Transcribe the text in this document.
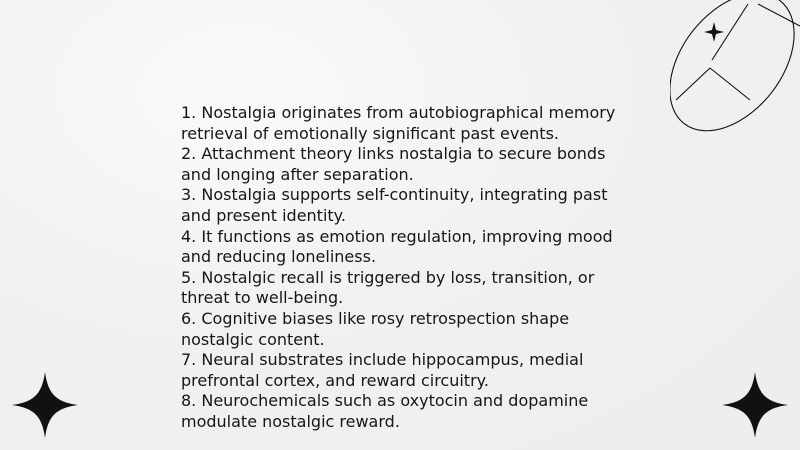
1. Nostalgia originates from autobiographical memory retrieval of emotionally significant past events.

2. Attachment theory links nostalgia to secure bonds and longing after separation.

3. Nostalgia supports self-continuity, integrating past and present identity.

4. It functions as emotion regulation, improving mood and reducing loneliness.

5. Nostalgic recall is triggered by loss, transition, or threat to well-being.

6. Cognitive biases like rosy retrospection shape nostalgic content.

7. Neural substrates include hippocampus, medial prefrontal cortex, and reward circuitry.

8. Neurochemicals such as oxytocin and dopamine modulate nostalgic reward.
